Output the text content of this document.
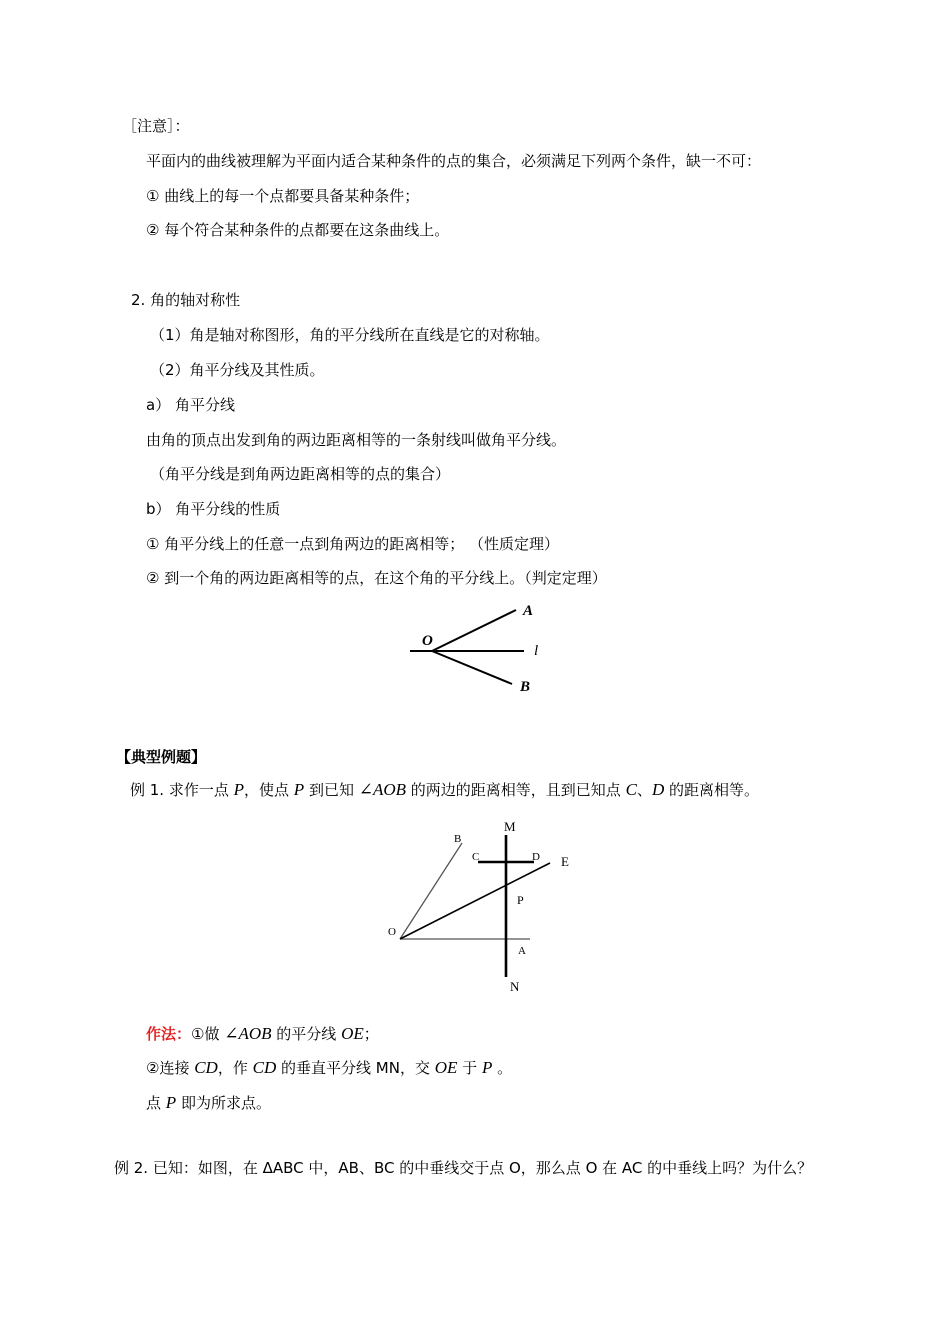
［注意］：
平面内的曲线被理解为平面内适合某种条件的点的集合，必须满足下列两个条件，缺一不可：
① 曲线上的每一个点都要具备某种条件；
② 每个符合某种条件的点都要在这条曲线上。
2. 角的轴对称性
（1）角是轴对称图形，角的平分线所在直线是它的对称轴。
（2）角平分线及其性质。
a） 角平分线
由角的顶点出发到角的两边距离相等的一条射线叫做角平分线。
（角平分线是到角两边距离相等的点的集合）
b） 角平分线的性质
① 角平分线上的任意一点到角两边的距离相等； （性质定理）
② 到一个角的两边距离相等的点，在这个角的平分线上。（判定定理）
O
A
l
B
【典型例题】
例 1. 求作一点 P，使点 P 到已知 ∠AOB 的两边的距离相等，且到已知点 C、D 的距离相等。
M
B
C	D E
P
O
A
N
作法：①做 ∠AOB 的平分线 OE；
②连接 CD，作 CD 的垂直平分线 MN，交 OE 于 P 。
点 P 即为所求点。
例 2. 已知：如图，在 ΔABC 中，AB、BC 的中垂线交于点 O，那么点 O 在 AC 的中垂线上吗？为什么？
